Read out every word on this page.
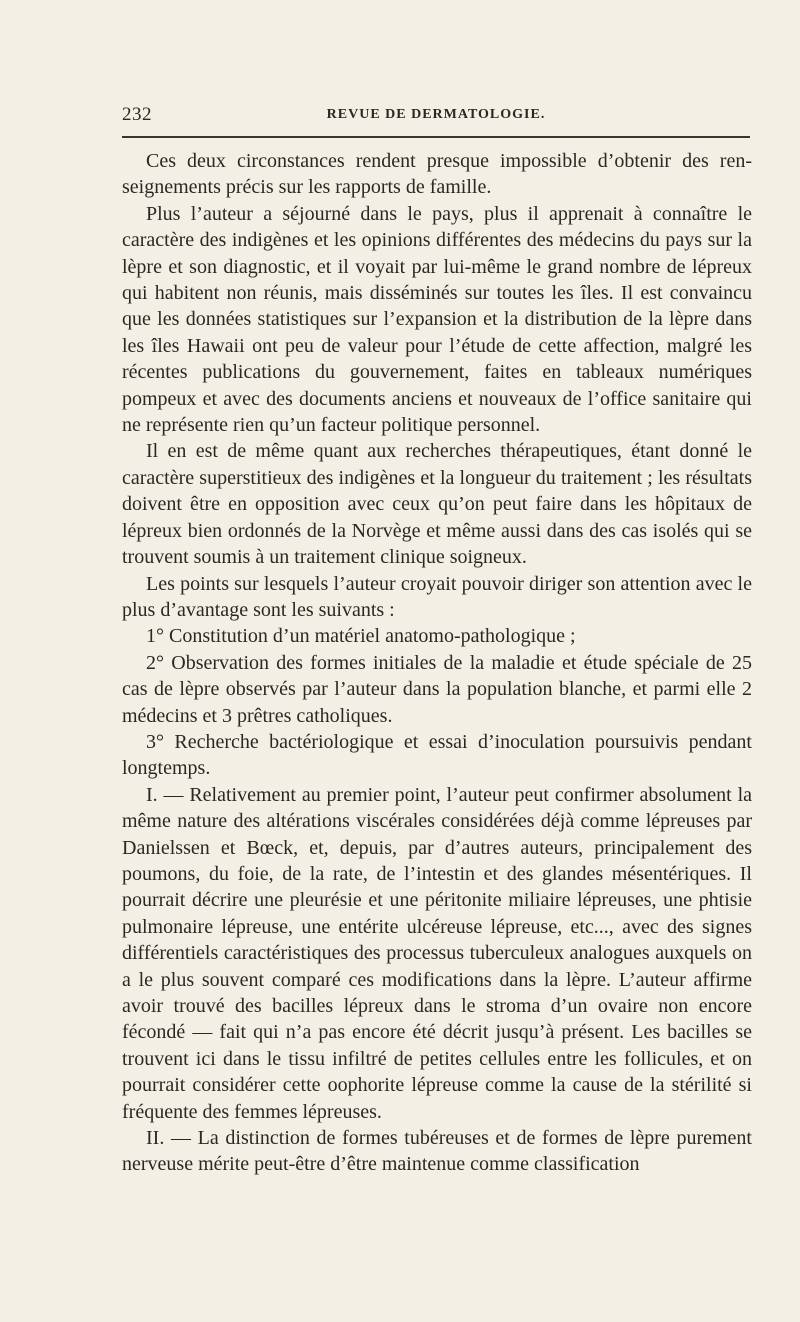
232	REVUE DE DERMATOLOGIE.

Ces deux circonstances rendent presque impossible d’obtenir des renseignements précis sur les rapports de famille.

Plus l’auteur a séjourné dans le pays, plus il apprenait à connaître le caractère des indigènes et les opinions différentes des médecins du pays sur la lèpre et son diagnostic, et il voyait par lui-même le grand nombre de lépreux qui habitent non réunis, mais disséminés sur toutes les îles. Il est convaincu que les données statistiques sur l’expansion et la distribution de la lèpre dans les îles Hawaii ont peu de valeur pour l’étude de cette affection, malgré les récentes publications du gouvernement, faites en tableaux numériques pompeux et avec des documents anciens et nouveaux de l’office sanitaire qui ne représente rien qu’un facteur politique personnel.

Il en est de même quant aux recherches thérapeutiques, étant donné le caractère superstitieux des indigènes et la longueur du traitement ; les résultats doivent être en opposition avec ceux qu’on peut faire dans les hôpitaux de lépreux bien ordonnés de la Norvège et même aussi dans des cas isolés qui se trouvent soumis à un traitement clinique soigneux.

Les points sur lesquels l’auteur croyait pouvoir diriger son attention avec le plus d’avantage sont les suivants :

1° Constitution d’un matériel anatomo-pathologique ;

2° Observation des formes initiales de la maladie et étude spéciale de 25 cas de lèpre observés par l’auteur dans la population blanche, et parmi elle 2 médecins et 3 prêtres catholiques.

3° Recherche bactériologique et essai d’inoculation poursuivis pendant longtemps.

I. — Relativement au premier point, l’auteur peut confirmer absolument la même nature des altérations viscérales considérées déjà comme lépreuses par Danielssen et Bœck, et, depuis, par d’autres auteurs, principalement des poumons, du foie, de la rate, de l’intestin et des glandes mésentériques. Il pourrait décrire une pleurésie et une péritonite miliaire lépreuses, une phtisie pulmonaire lépreuse, une entérite ulcéreuse lépreuse, etc..., avec des signes différentiels caractéristiques des processus tuberculeux analogues auxquels on a le plus souvent comparé ces modifications dans la lèpre. L’auteur affirme avoir trouvé des bacilles lépreux dans le stroma d’un ovaire non encore fécondé — fait qui n’a pas encore été décrit jusqu’à présent. Les bacilles se trouvent ici dans le tissu infiltré de petites cellules entre les follicules, et on pourrait considérer cette oophorite lépreuse comme la cause de la stérilité si fréquente des femmes lépreuses.

II. — La distinction de formes tubéreuses et de formes de lèpre purement nerveuse mérite peut-être d’être maintenue comme classification
